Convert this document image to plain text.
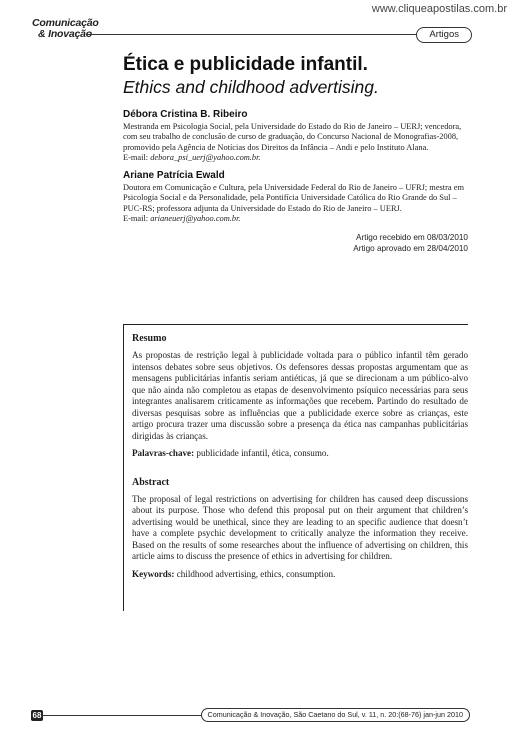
www.cliqueapostilas.com.br
Comunicação
& Inovação	Artigos
Ética e publicidade infantil.
Ethics and childhood advertising.
Débora Cristina B. Ribeiro
Mestranda em Psicologia Social, pela Universidade do Estado do Rio de Janeiro – UERJ; vencedora, com seu trabalho de conclusão de curso de graduação, do Concurso Nacional de Monografias-2008, promovido pela Agência de Notícias dos Direitos da Infância – Andi e pelo Instituto Alana.
E-mail: debora_psi_uerj@yahoo.com.br.
Ariane Patrícia Ewald
Doutora em Comunicação e Cultura, pela Universidade Federal do Rio de Janeiro – UFRJ; mestra em Psicologia Social e da Personalidade, pela Pontifícia Universidade Católica do Rio Grande do Sul – PUC-RS; professora adjunta da Universidade do Estado do Rio de Janeiro – UERJ.
E-mail: arianeuerj@yahoo.com.br.
Artigo recebido em 08/03/2010
Artigo aprovado em 28/04/2010
Resumo

As propostas de restrição legal à publicidade voltada para o público infantil têm gerado intensos debates sobre seus objetivos. Os defensores dessas propostas argumentam que as mensagens publicitárias infantis seriam antiéticas, já que se direcionam a um público-alvo que não ainda não completou as etapas de desenvolvimento psíquico necessárias para seus integrantes analisarem criticamente as informações que recebem. Partindo do resultado de diversas pesquisas sobre as influências que a publicidade exerce sobre as crianças, este artigo procura trazer uma discussão sobre a presença da ética nas campanhas publicitárias dirigidas às crianças.

Palavras-chave: publicidade infantil, ética, consumo.

Abstract

The proposal of legal restrictions on advertising for children has caused deep discussions about its purpose. Those who defend this proposal put on their argument that children’s advertising would be unethical, since they are leading to an specific audience that doesn’t have a complete psychic development to critically analyze the information they receive. Based on the results of some researches about the influence of advertising on children, this article aims to discuss the presence of ethics in advertising for children.

Keywords: childhood advertising, ethics, consumption.

68	Comunicação & Inovação, São Caetano do Sul, v. 11, n. 20:(68-76) jan-jun 2010
